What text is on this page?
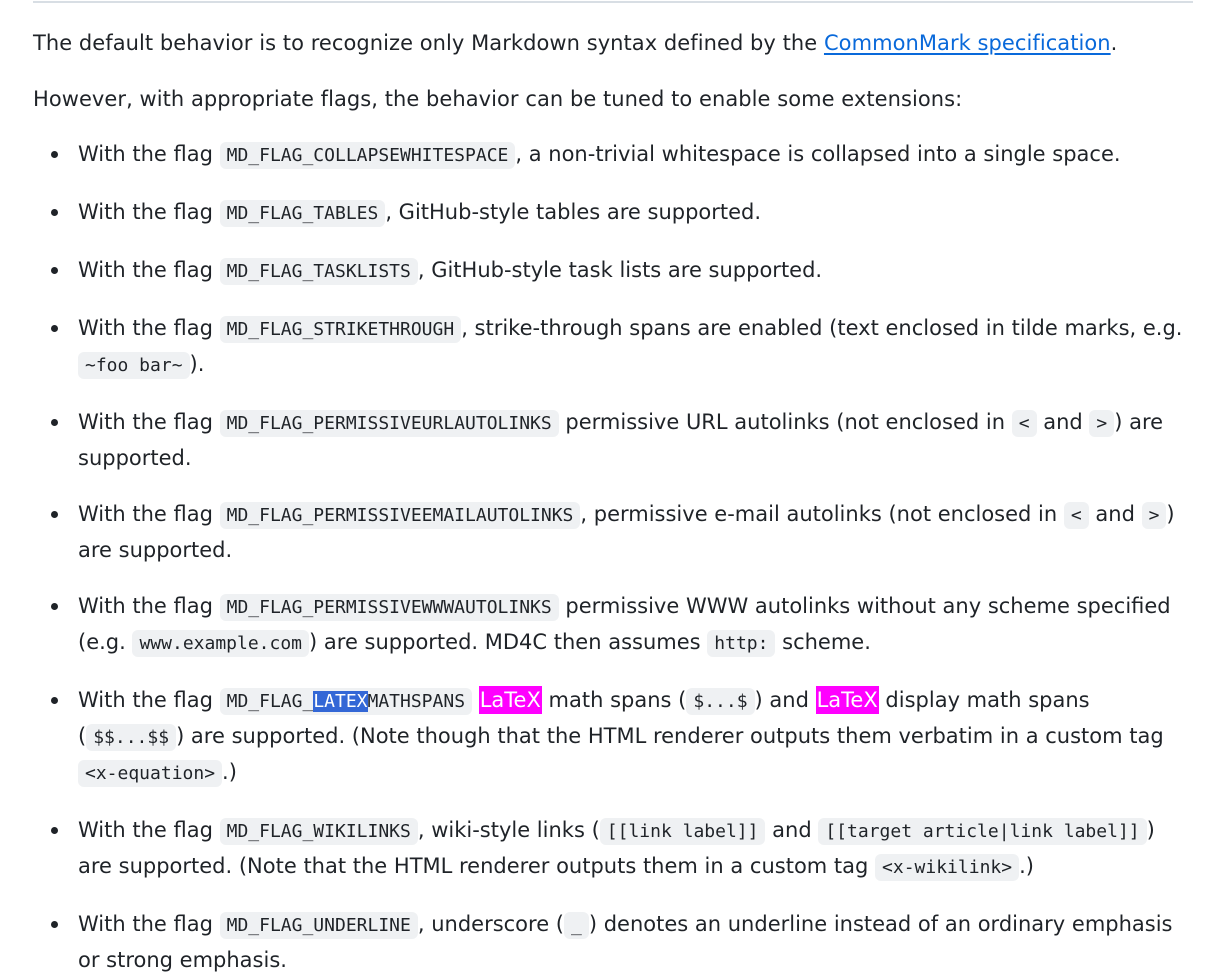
The default behavior is to recognize only Markdown syntax defined by the CommonMark specification.

However, with appropriate flags, the behavior can be tuned to enable some extensions:

With the flag MD_FLAG_COLLAPSEWHITESPACE , a non-trivial whitespace is collapsed into a single space.
With the flag MD_FLAG_TABLES , GitHub-style tables are supported.
With the flag MD_FLAG_TASKLISTS , GitHub-style task lists are supported.
With the flag MD_FLAG_STRIKETHROUGH , strike-through spans are enabled (text enclosed in tilde marks, e.g. ~foo bar~ ).
With the flag MD_FLAG_PERMISSIVEURLAUTOLINKS permissive URL autolinks (not enclosed in < and > ) are supported.
With the flag MD_FLAG_PERMISSIVEEMAILAUTOLINKS , permissive e-mail autolinks (not enclosed in < and > ) are supported.
With the flag MD_FLAG_PERMISSIVEWWWAUTOLINKS permissive WWW autolinks without any scheme specified (e.g. www.example.com ) are supported. MD4C then assumes http: scheme.
With the flag MD_FLAG_LATEXMATHSPANS LaTeX math spans ( $...$ ) and LaTeX display math spans ( $$...$$ ) are supported. (Note though that the HTML renderer outputs them verbatim in a custom tag <x-equation> .)
With the flag MD_FLAG_WIKILINKS , wiki-style links ( [[link label]] and [[target article|link label]] ) are supported. (Note that the HTML renderer outputs them in a custom tag <x-wikilink> .)
With the flag MD_FLAG_UNDERLINE , underscore ( _ ) denotes an underline instead of an ordinary emphasis or strong emphasis.
